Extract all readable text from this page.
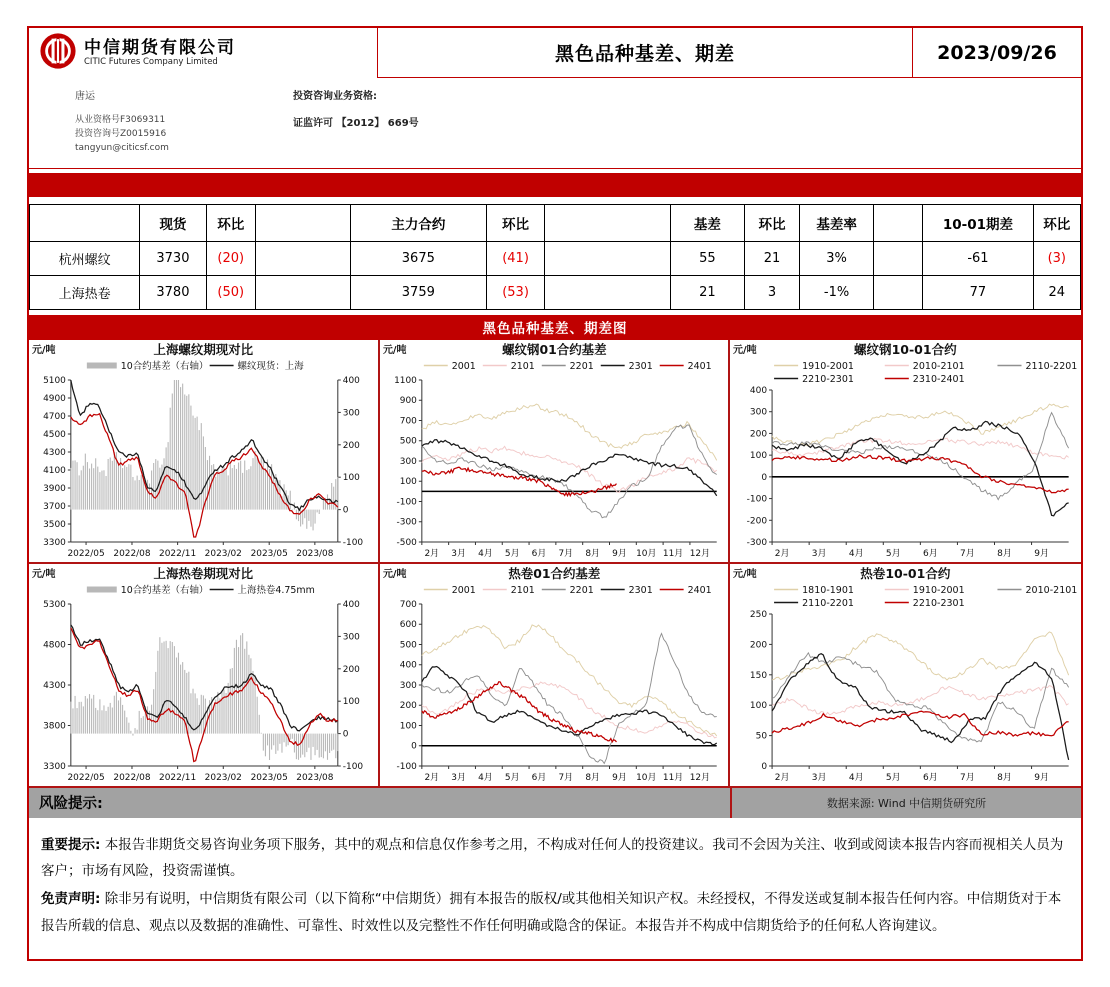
中信期货有限公司
CITIC Futures Company Limited	黑色品种基差、期差	2023/09/26
唐运
从业资格号F3069311
投资咨询号Z0015916
tangyun@citicsf.com
投资咨询业务资格:
证监许可 【2012】 669号
	现货	环比		主力合约	环比		基差	环比	基差率		10-01期差	环比
杭州螺纹	3730	(20)		3675	(41)		55	21	3%		-61	(3)
上海热卷	3780	(50)		3759	(53)		21	3	-1%		77	24
黑色品种基差、期差图
元/吨	上海螺纹期现对比
10合约基差（右轴）	螺纹现货：上海
3300
3500
3700
3900
4100
4300
4500
4700
4900
5100
-100
0
100
200
300
400
2022/05 2022/08 2022/11 2023/02 2023/05 2023/08
元/吨	螺纹钢01合约基差
2001	2101	2201	2301	2401
-500
-300
-100
100
300
500
700
900
1100
2月 3月 4月 5月 6月 7月 8月 9月 10月 11月 12月
元/吨	螺纹钢10-01合约
1910-2001	2010-2101	2110-2201
2210-2301	2310-2401
-300
-200
-100
0
100
200
300
400
2月 3月 4月 5月 6月 7月 8月 9月
元/吨	上海热卷期现对比
10合约基差（右轴）	上海热卷4.75mm
3300
3800
4300
4800
5300
-100
0
100
200
300
400
2022/05 2022/08 2022/11 2023/02 2023/05 2023/08
元/吨	热卷01合约基差
2001	2101	2201	2301	2401
-100
0
100
200
300
400
500
600
700
2月 3月 4月 5月 6月 7月 8月 9月 10月 11月 12月
元/吨	热卷10-01合约
1810-1901	1910-2001	2010-2101
2110-2201	2210-2301
0
50
100
150
200
250
2月 3月 4月 5月 6月 7月 8月 9月
风险提示:	数据来源: Wind 中信期货研究所

重要提示: 本报告非期货交易咨询业务项下服务，其中的观点和信息仅作参考之用，不构成对任何人的投资建议。我司不会因为关注、收到或阅读本报告内容而视相关人员为客户；市场有风险，投资需谨慎。

免责声明: 除非另有说明，中信期货有限公司（以下简称“中信期货）拥有本报告的版权/或其他相关知识产权。未经授权，不得发送或复制本报告任何内容。中信期货对于本报告所载的信息、观点以及数据的准确性、可靠性、时效性以及完整性不作任何明确或隐含的保证。本报告并不构成中信期货给予的任何私人咨询建议。
